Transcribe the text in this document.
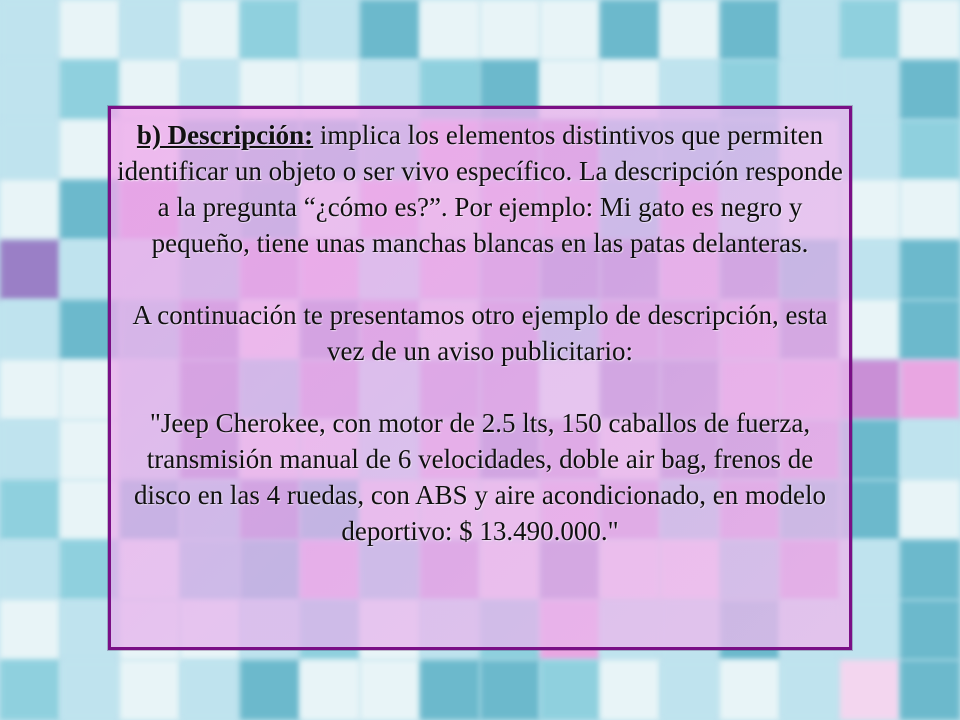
b) Descripción: implica los elementos distintivos que permiten identificar un objeto o ser vivo específico. La descripción responde a la pregunta “¿cómo es?”. Por ejemplo: Mi gato es negro y pequeño, tiene unas manchas blancas en las patas delanteras.

A continuación te presentamos otro ejemplo de descripción, esta vez de un aviso publicitario:

"Jeep Cherokee, con motor de 2.5 lts, 150 caballos de fuerza, transmisión manual de 6 velocidades, doble air bag, frenos de disco en las 4 ruedas, con ABS y aire acondicionado, en modelo deportivo: $ 13.490.000."
